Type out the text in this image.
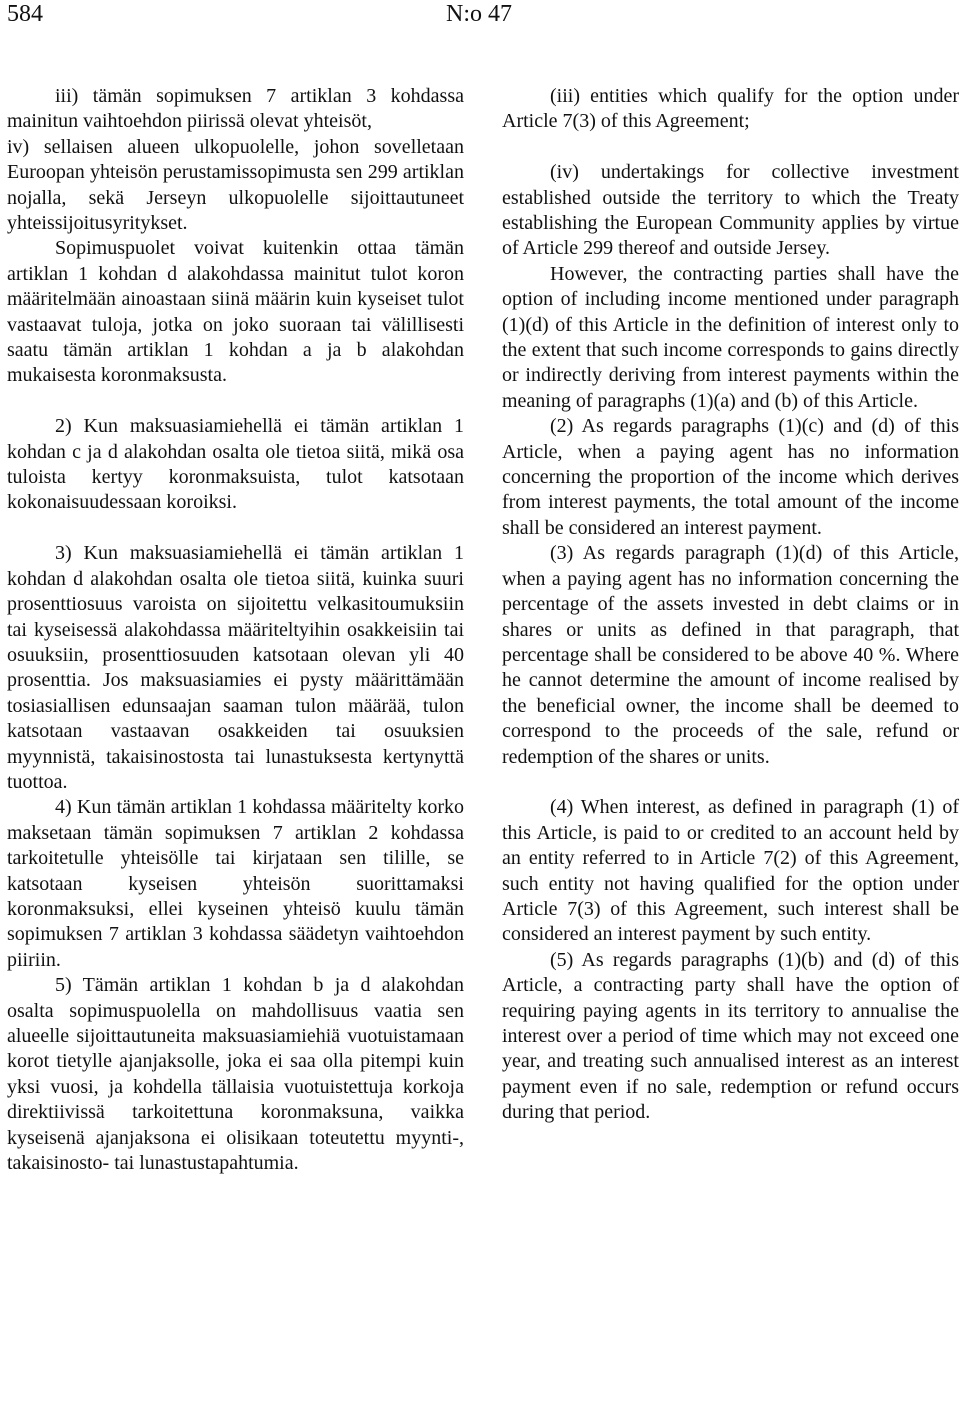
584	N:o 47

iii) tämän sopimuksen 7 artiklan 3 kohdassa mainitun vaihtoehdon piirissä olevat yhteisöt,

iv) sellaisen alueen ulkopuolelle, johon sovelletaan Euroopan yhteisön perustamissopimusta sen 299 artiklan nojalla, sekä Jerseyn ulkopuolelle sijoittautuneet yhteissijoitusyritykset.

Sopimuspuolet voivat kuitenkin ottaa tämän artiklan 1 kohdan d alakohdassa mainitut tulot koron määritelmään ainoastaan siinä määrin kuin kyseiset tulot vastaavat tuloja, jotka on joko suoraan tai välillisesti saatu tämän artiklan 1 kohdan a ja b alakohdan mukaisesta koronmaksusta.

2) Kun maksuasiamiehellä ei tämän artiklan 1 kohdan c ja d alakohdan osalta ole tietoa siitä, mikä osa tuloista kertyy koronmaksuista, tulot katsotaan kokonaisuudessaan koroiksi.

3) Kun maksuasiamiehellä ei tämän artiklan 1 kohdan d alakohdan osalta ole tietoa siitä, kuinka suuri prosenttiosuus varoista on sijoitettu velkasitoumuksiin tai kyseisessä alakohdassa määriteltyihin osakkeisiin tai osuuksiin, prosenttiosuuden katsotaan olevan yli 40 prosenttia. Jos maksuasiamies ei pysty määrittämään tosiasiallisen edunsaajan saaman tulon määrää, tulon katsotaan vastaavan osakkeiden tai osuuksien myynnistä, takaisinostosta tai lunastuksesta kertynyttä tuottoa.

4) Kun tämän artiklan 1 kohdassa määritelty korko maksetaan tämän sopimuksen 7 artiklan 2 kohdassa tarkoitetulle yhteisölle tai kirjataan sen tilille, se katsotaan kyseisen yhteisön suorittamaksi koronmaksuksi, ellei kyseinen yhteisö kuulu tämän sopimuksen 7 artiklan 3 kohdassa säädetyn vaihtoehdon piiriin.

5) Tämän artiklan 1 kohdan b ja d alakohdan osalta sopimuspuolella on mahdollisuus vaatia sen alueelle sijoittautuneita maksuasiamiehiä vuotuistamaan korot tietylle ajanjaksolle, joka ei saa olla pitempi kuin yksi vuosi, ja kohdella tällaisia vuotuistettuja korkoja direktiivissä tarkoitettuna koronmaksuna, vaikka kyseisenä ajanjaksona ei olisikaan toteutettu myynti-, takaisinosto- tai lunastustapahtumia.

(iii) entities which qualify for the option under Article 7(3) of this Agreement;

(iv) undertakings for collective investment established outside the territory to which the Treaty establishing the European Community applies by virtue of Article 299 thereof and outside Jersey.

However, the contracting parties shall have the option of including income mentioned under paragraph (1)(d) of this Article in the definition of interest only to the extent that such income corresponds to gains directly or indirectly deriving from interest payments within the meaning of paragraphs (1)(a) and (b) of this Article.

(2) As regards paragraphs (1)(c) and (d) of this Article, when a paying agent has no information concerning the proportion of the income which derives from interest payments, the total amount of the income shall be considered an interest payment.

(3) As regards paragraph (1)(d) of this Article, when a paying agent has no information concerning the percentage of the assets invested in debt claims or in shares or units as defined in that paragraph, that percentage shall be considered to be above 40 %. Where he cannot determine the amount of income realised by the beneficial owner, the income shall be deemed to correspond to the proceeds of the sale, refund or redemption of the shares or units.

(4) When interest, as defined in paragraph (1) of this Article, is paid to or credited to an account held by an entity referred to in Article 7(2) of this Agreement, such entity not having qualified for the option under Article 7(3) of this Agreement, such interest shall be considered an interest payment by such entity.

(5) As regards paragraphs (1)(b) and (d) of this Article, a contracting party shall have the option of requiring paying agents in its territory to annualise the interest over a period of time which may not exceed one year, and treating such annualised interest as an interest payment even if no sale, redemption or refund occurs during that period.
